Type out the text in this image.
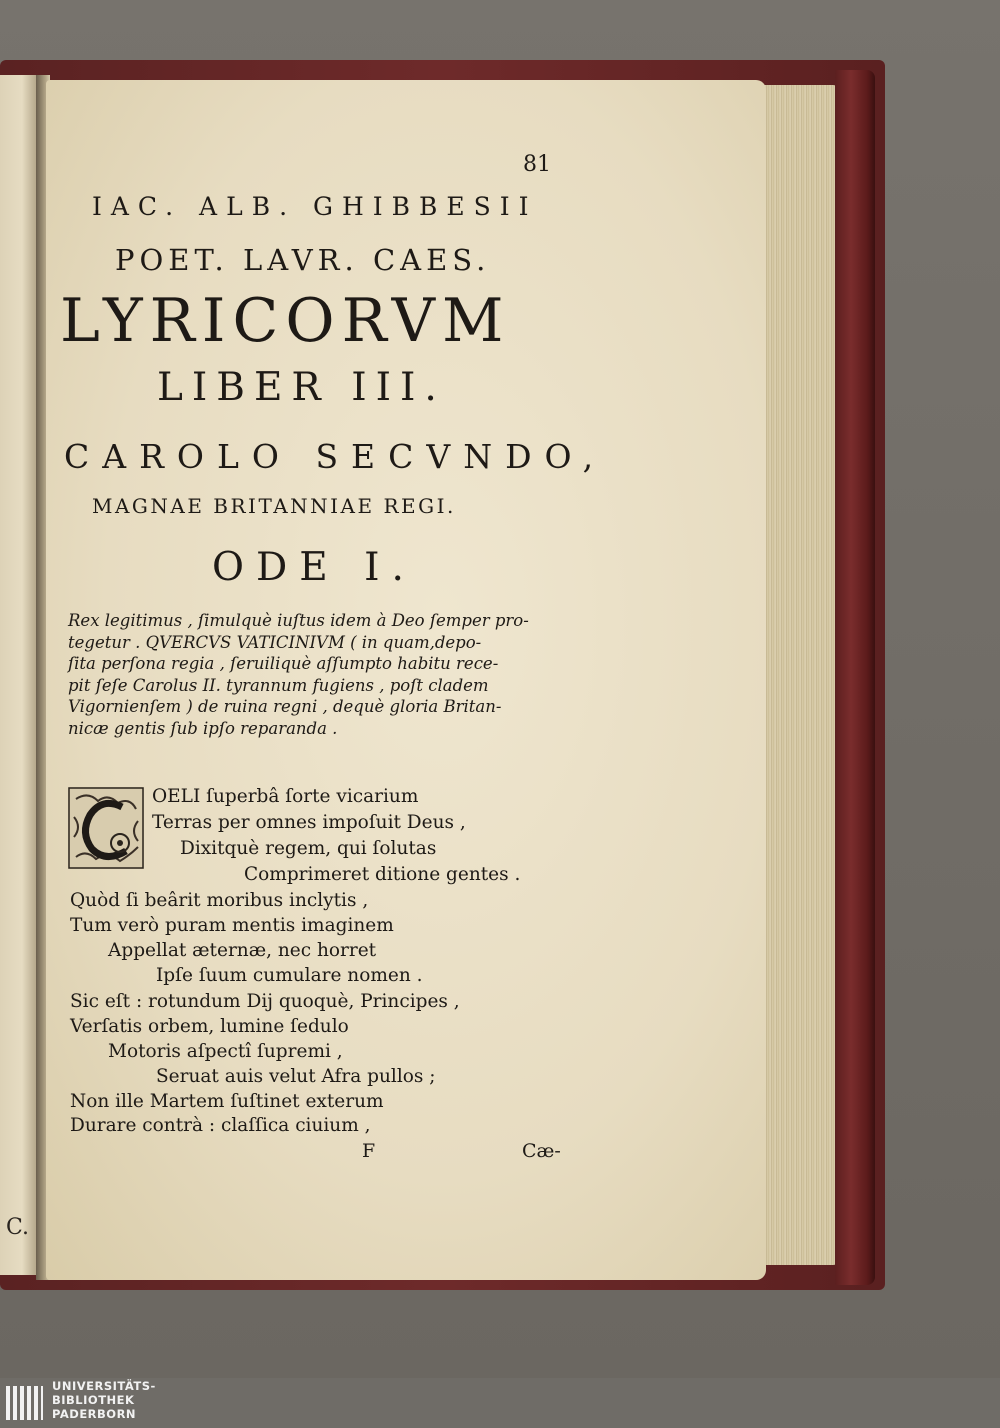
C.
81
IAC. ALB. GHIBBESII
POET. LAVR. CAES.
LYRICORVM
LIBER III.
CAROLO SECVNDO,
MAGNAE BRITANNIAE REGI.
ODE I.
Rex legitimus , ſimulquè iuſtus idem à Deo ſemper pro-
tegetur . QVERCVS VATICINIVM ( in quam,depo-
ſita perſona regia , ſeruiliquè aſſumpto habitu rece-
pit ſeſe Carolus II. tyrannum fugiens , poſt cladem
Vigornienſem ) de ruina regni , dequè gloria Britan-
nicæ gentis ſub ipſo reparanda .
OELI ſuperbâ ſorte vicarium
Terras per omnes impoſuit Deus ,
Dixitquè regem, qui ſolutas
Comprimeret ditione gentes .
Quòd ſi beârit moribus inclytis ,
Tum verò puram mentis imaginem
Appellat æternæ, nec horret
Ipſe ſuum cumulare nomen .
Sic eſt : rotundum Dij quoquè, Principes ,
Verſatis orbem, lumine ſedulo
Motoris aſpectî ſupremi ,
Seruat auis velut Afra pullos ;
Non ille Martem ſuſtinet exterum
Durare contrà : claſſica ciuium ,
F	Cæ-
UNIVERSITÄTS-
BIBLIOTHEK
PADERBORN
